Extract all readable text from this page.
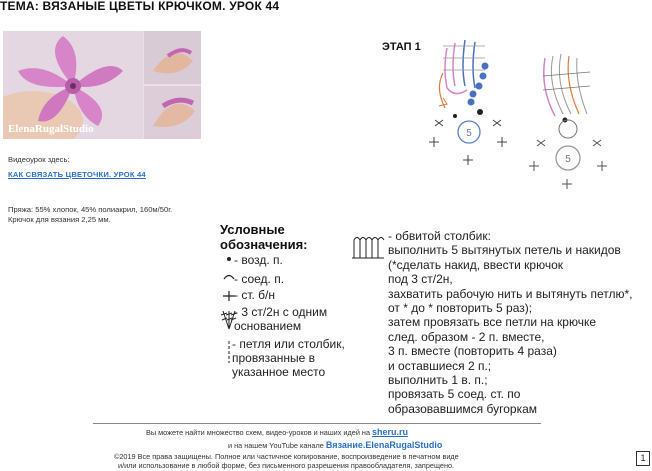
ТЕМА: ВЯЗАНЫЕ ЦВЕТЫ КРЮЧКОМ. УРОК 44
ElenaRugalStudio
Видеоурок здесь:
КАК СВЯЗАТЬ ЦВЕТОЧКИ. УРОК 44
Пряжа: 55% хлопок, 45% полиакрил, 160м/50г. Крючок для вязания 2,25 мм.
ЭТАП 1
5
5
Условные
обозначения:
- возд. п.
- соед. п.
- ст. б/н
- 3 ст/2н с одним основанием
- петля или столбик, провязанные в указанное место
- обвитой столбик:
выполнить 5 вытянутых петель и накидов
(*сделать накид, ввести крючок
под 3 ст/2н,
захватить рабочую нить и вытянуть петлю*,
от * до * повторить 5 раз);
затем провязать все петли на крючке
след. образом - 2 п. вместе,
3 п. вместе (повторить 4 раза)
и оставшиеся 2 п.;
выполнить 1 в. п.;
провязать 5 соед. ст. по
образовавшимся бугоркам
Вы можете найти множество схем, видео-уроков и наших идей на sheru.ru
и на нашем YouTube канале Вязание.ElenaRugalStudio
©2019 Все права защищены. Полное или частичное копирование, воспроизведение в печатном виде
и/или использование в любой форме, без письменного разрешения правообладателя, запрещено.
1
